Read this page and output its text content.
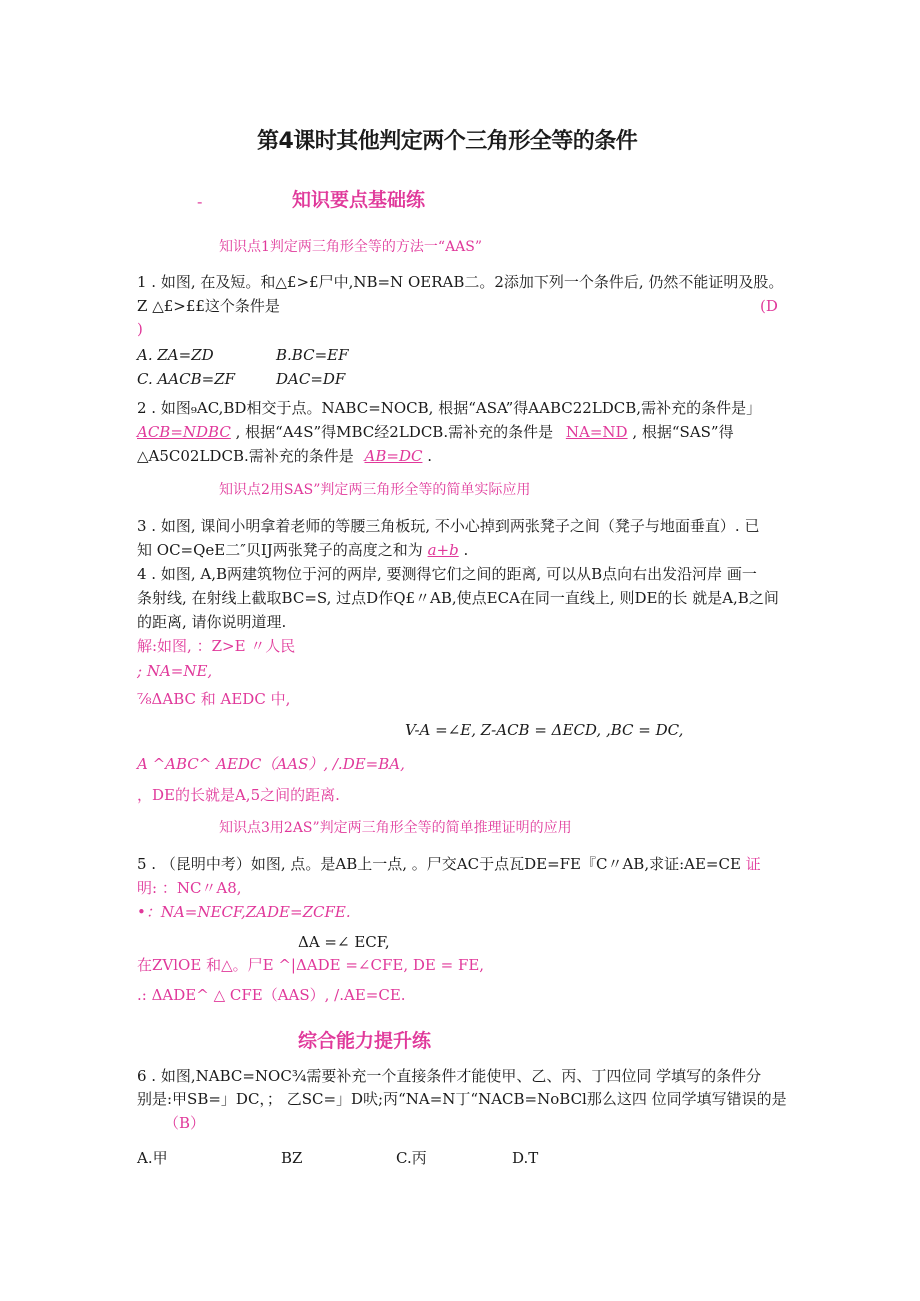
第4课时其他判定两个三角形全等的条件
-	知识要点基础练
知识点1判定两三角形全等的方法一“AAS”
1 . 如图, 在及短。和△£>£尸中,NB=N OERAB二。2添加下列一个条件后, 仍然不能证明及股。
Z △£>££这个条件是	(D
)
A. ZA=ZD	B.BC=EF
C. AACB=ZF	DAC=DF
2 . 如图₉AC,BD相交于点。NABC=NOCB, 根据“ASA”得AABC22LDCB,需补充的条件是」
ACB=NDBC , 根据“A4S”得MBC经2LDCB.需补充的条件是 NA=ND , 根据“SAS”得
△A5C02LDCB.需补充的条件是 AB=DC .
知识点2用SAS”判定两三角形全等的简单实际应用
3 . 如图, 课间小明拿着老师的等腰三角板玩, 不小心掉到两张凳子之间（凳子与地面垂直）. 已
知 OC=QeE二″贝IJ两张凳子的高度之和为 a+b .
4 . 如图, A,B两建筑物位于河的两岸, 要测得它们之间的距离, 可以从B点向右出发沿河岸 画一
条射线, 在射线上截取BC=S, 过点D作Q£〃AB,使点ECA在同一直线上, 则DE的长 就是A,B之间
的距离, 请你说明道理.
解:如图, ：Z>E 〃人民
; NA=NE,
⅞ΔABC 和 AEDC 中,
V-A =∠E, Z-ACB = ΔECD, ,BC = DC,
A ^ABC^ AEDC（AAS）, /.DE=BA,
，DE的长就是A,5之间的距离.
知识点3用2AS”判定两三角形全等的简单推理证明的应用
5 . （昆明中考）如图, 点。是AB上一点, 。尸交AC于点瓦DE=FE『C〃AB,求证:AE=CE 证
明: ：NC〃A8,
•：NA=NECF,ZADE=ZCFE.
ΔA =∠ ECF,
在ZVlOE 和△。尸E ^|ΔADE =∠CFE, DE = FE,
.: ΔADE^ △ CFE（AAS）, /.AE=CE.
综合能力提升练
6 . 如图,NABC=NOC¾需要补充一个直接条件才能使甲、乙、丙、丁四位同 学填写的条件分
别是:甲SB=」DC，； 乙SC=」D吠;丙“NA=N丁“NACB=NoBCl那么这四 位同学填写错误的是
（B）
A.甲	BZ	C.丙	D.T
